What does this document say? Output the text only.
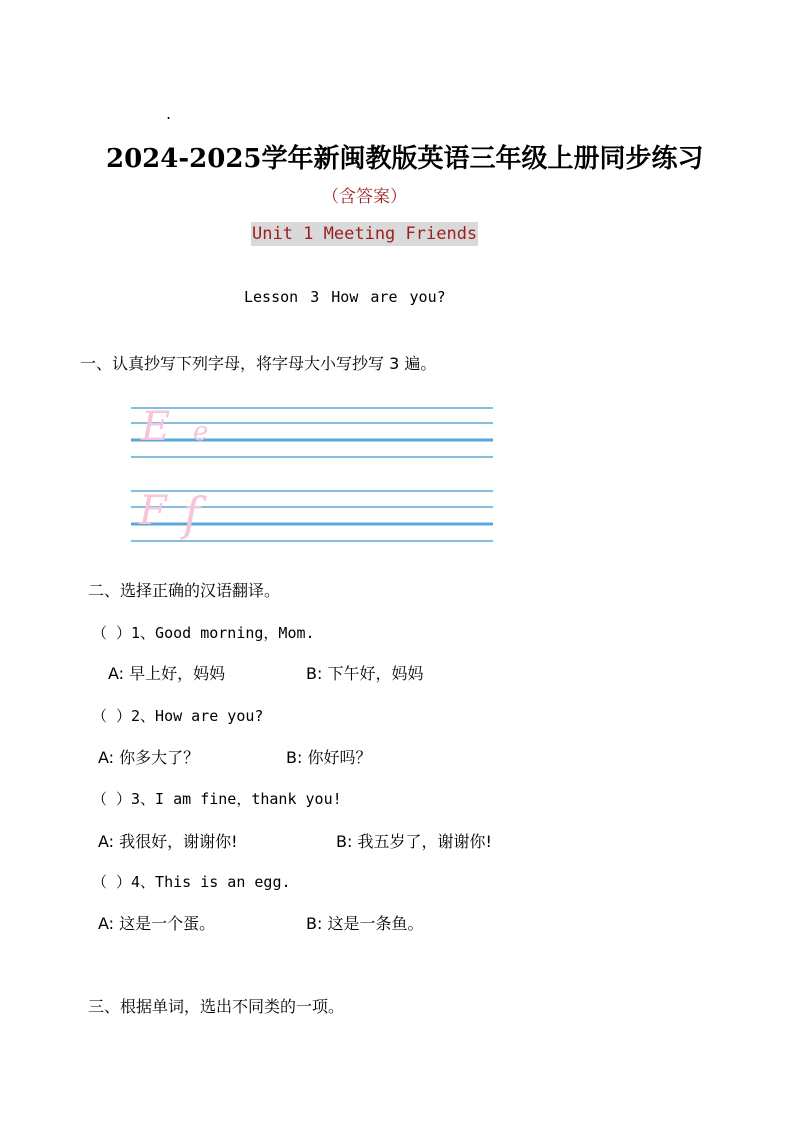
.
2024-2025学年新闽教版英语三年级上册同步练习
（含答案）
Unit 1 Meeting Friends
Lesson 3 How are you?
一、认真抄写下列字母，将字母大小写抄写 3 遍。
E e
F f
二、选择正确的汉语翻译。
（ ）1、Good morning，Mom.
A: 早上好，妈妈	B: 下午好，妈妈
（ ）2、How are you?
A: 你多大了？	B: 你好吗？
（ ）3、I am fine，thank you!
A: 我很好，谢谢你!	B: 我五岁了，谢谢你!
（ ）4、This is an egg.
A: 这是一个蛋。	B: 这是一条鱼。
三、根据单词，选出不同类的一项。
